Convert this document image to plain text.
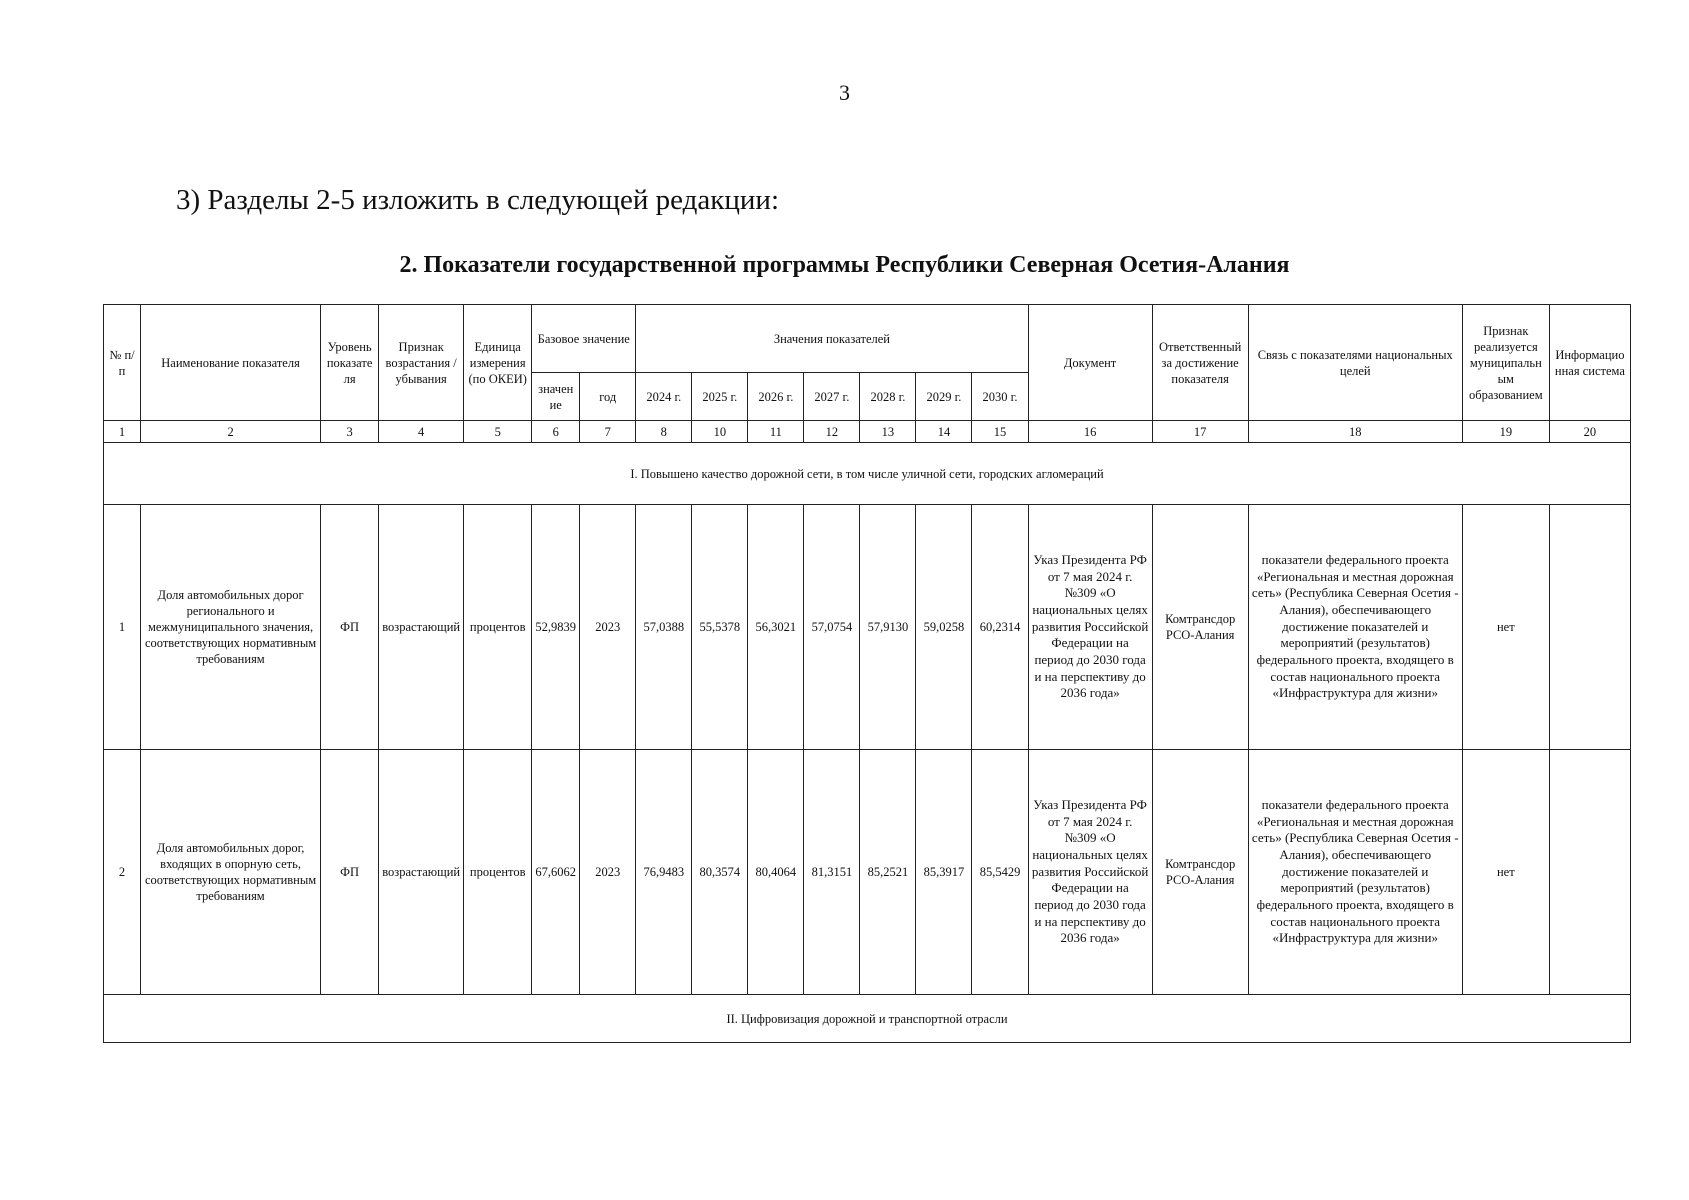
3
3) Разделы 2-5 изложить в следующей редакции:
2. Показатели государственной программы Республики Северная Осетия-Алания
№ п/ п	Наименование показателя	Уровень показателя	Признак возрастания / убывания	Единица измерения (по ОКЕИ)	Базовое значение		Значения показателей							Документ	Ответственный за достижение показателя	Связь с показателями национальных целей	Признак реализуется муниципальным образованием	Информационная система
					значение	год	2024 г.	2025 г.	2026 г.	2027 г.	2028 г.	2029 г.	2030 г.					
1	2	3	4	5	6	7	8	10	11	12	13	14	15	16	17	18	19	20
I. Повышено качество дорожной сети, в том числе уличной сети, городских агломераций																		
1	Доля автомобильных дорог регионального и межмуниципального значения, соответствующих нормативным требованиям	ФП	возрастающий	процентов	52,9839	2023	57,0388	55,5378	56,3021	57,0754	57,9130	59,0258	60,2314	Указ Президента РФ от 7 мая 2024 г. №309 «О национальных целях развития Российской Федерации на период до 2030 года и на перспективу до 2036 года»	Комтрансдор РСО-Алания	показатели федерального проекта «Региональная и местная дорожная сеть» (Республика Северная Осетия - Алания), обеспечивающего достижение показателей и мероприятий (результатов) федерального проекта, входящего в состав национального проекта «Инфраструктура для жизни»	нет	
2	Доля автомобильных дорог, входящих в опорную сеть, соответствующих нормативным требованиям	ФП	возрастающий	процентов	67,6062	2023	76,9483	80,3574	80,4064	81,3151	85,2521	85,3917	85,5429	Указ Президента РФ от 7 мая 2024 г. №309 «О национальных целях развития Российской Федерации на период до 2030 года и на перспективу до 2036 года»	Комтрансдор РСО-Алания	показатели федерального проекта «Региональная и местная дорожная сеть» (Республика Северная Осетия - Алания), обеспечивающего достижение показателей и мероприятий (результатов) федерального проекта, входящего в состав национального проекта «Инфраструктура для жизни»	нет	
II. Цифровизация дорожной и транспортной отрасли																		
